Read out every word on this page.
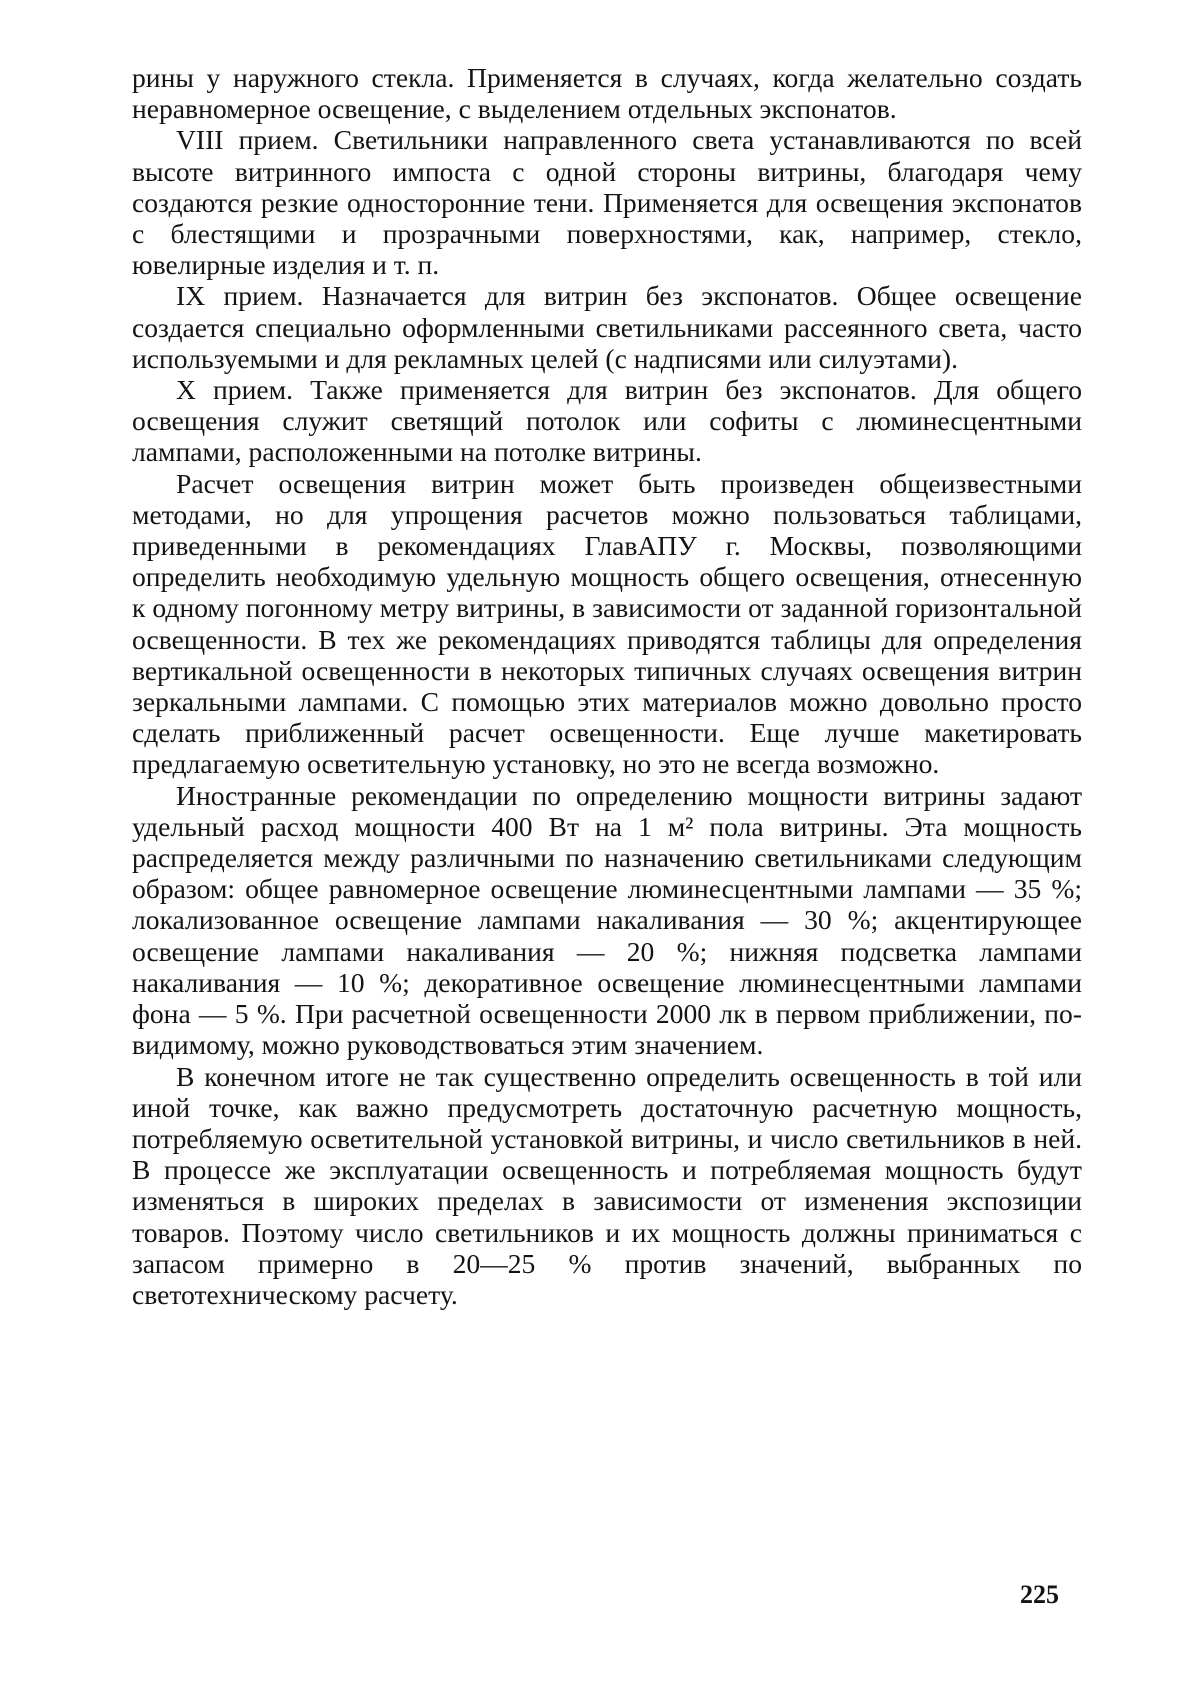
рины у наружного стекла. Применяется в случаях, когда желательно создать неравномерное освещение, с выделением отдельных экспонатов.

VIII прием. Светильники направленного света устанавливаются по всей высоте витринного импоста с одной стороны витрины, благодаря чему создаются резкие односторонние тени. Применяется для освещения экспонатов с блестящими и прозрачными поверхностями, как, например, стекло, ювелирные изделия и т. п.

IX прием. Назначается для витрин без экспонатов. Общее освещение создается специально оформленными светильниками рассеянного света, часто используемыми и для рекламных целей (с надписями или силуэтами).

X прием. Также применяется для витрин без экспонатов. Для общего освещения служит светящий потолок или софиты с люминесцентными лампами, расположенными на потолке витрины.

Расчет освещения витрин может быть произведен общеизвестными методами, но для упрощения расчетов можно пользоваться таблицами, приведенными в рекомендациях ГлавАПУ г. Москвы, позволяющими определить необходимую удельную мощность общего освещения, отнесенную к одному погонному метру витрины, в зависимости от заданной горизонтальной освещенности. В тех же рекомендациях приводятся таблицы для определения вертикальной освещенности в некоторых типичных случаях освещения витрин зеркальными лампами. С помощью этих материалов можно довольно просто сделать приближенный расчет освещенности. Еще лучше макетировать предлагаемую осветительную установку, но это не всегда возможно.

Иностранные рекомендации по определению мощности витрины задают удельный расход мощности 400 Вт на 1 м² пола витрины. Эта мощность распределяется между различными по назначению светильниками следующим образом: общее равномерное освещение люминесцентными лампами — 35 %; локализованное освещение лампами накаливания — 30 %; акцентирующее освещение лампами накаливания — 20 %; нижняя подсветка лампами накаливания — 10 %; декоративное освещение люминесцентными лампами фона — 5 %. При расчетной освещенности 2000 лк в первом приближении, по-видимому, можно руководствоваться этим значением.

В конечном итоге не так существенно определить освещенность в той или иной точке, как важно предусмотреть достаточную расчетную мощность, потребляемую осветительной установкой витрины, и число светильников в ней. В процессе же эксплуатации освещенность и потребляемая мощность будут изменяться в широких пределах в зависимости от изменения экспозиции товаров. Поэтому число светильников и их мощность должны приниматься с запасом примерно в 20—25 % против значений, выбранных по светотехническому расчету.

225
